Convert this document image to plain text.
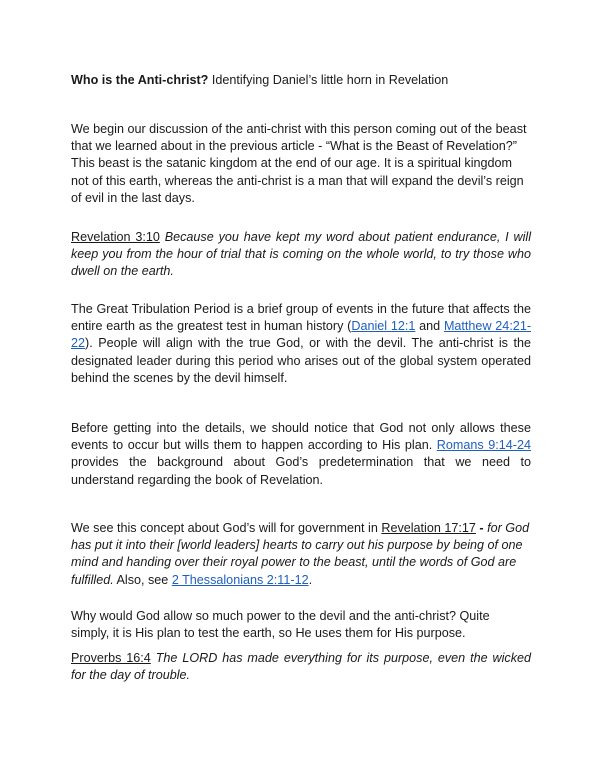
Who is the Anti-christ? Identifying Daniel’s little horn in Revelation
We begin our discussion of the anti-christ with this person coming out of the beast that we learned about in the previous article - “What is the Beast of Revelation?” This beast is the satanic kingdom at the end of our age. It is a spiritual kingdom not of this earth, whereas the anti-christ is a man that will expand the devil’s reign of evil in the last days.
Revelation 3:10 Because you have kept my word about patient endurance, I will keep you from the hour of trial that is coming on the whole world, to try those who dwell on the earth.
The Great Tribulation Period is a brief group of events in the future that affects the entire earth as the greatest test in human history (Daniel 12:1 and Matthew 24:21-22). People will align with the true God, or with the devil. The anti-christ is the designated leader during this period who arises out of the global system operated behind the scenes by the devil himself.
Before getting into the details, we should notice that God not only allows these events to occur but wills them to happen according to His plan. Romans 9:14-24 provides the background about God’s predetermination that we need to understand regarding the book of Revelation.
We see this concept about God’s will for government in Revelation 17:17 - for God has put it into their [world leaders] hearts to carry out his purpose by being of one mind and handing over their royal power to the beast, until the words of God are fulfilled. Also, see 2 Thessalonians 2:11-12.
Why would God allow so much power to the devil and the anti-christ? Quite simply, it is His plan to test the earth, so He uses them for His purpose.
Proverbs 16:4 The LORD has made everything for its purpose, even the wicked for the day of trouble.
